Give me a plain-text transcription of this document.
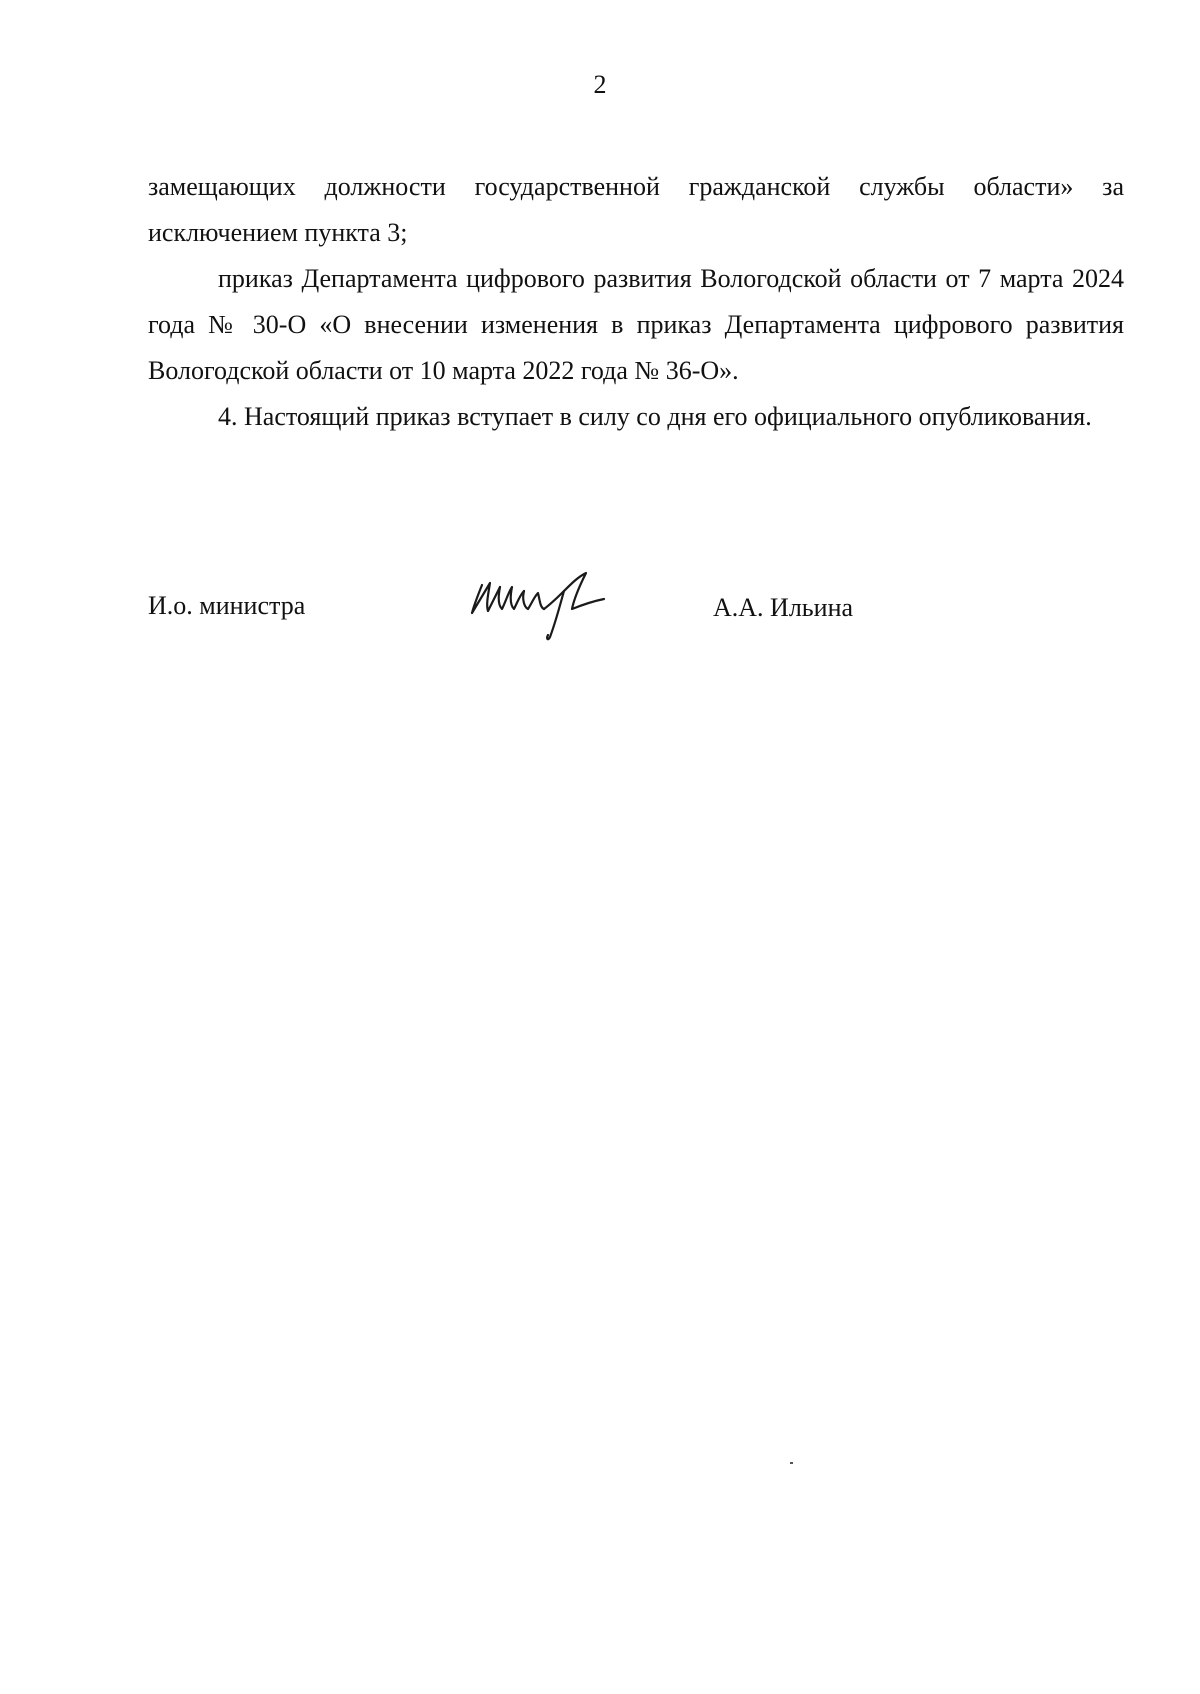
2

замещающих должности государственной гражданской службы области» за исключением пункта 3;

приказ Департамента цифрового развития Вологодской области от 7 марта 2024 года № 30-О «О внесении изменения в приказ Департамента цифрового развития Вологодской области от 10 марта 2022 года № 36-О».

4. Настоящий приказ вступает в силу со дня его официального опубликования.

И.о. министра	А.А. Ильина
